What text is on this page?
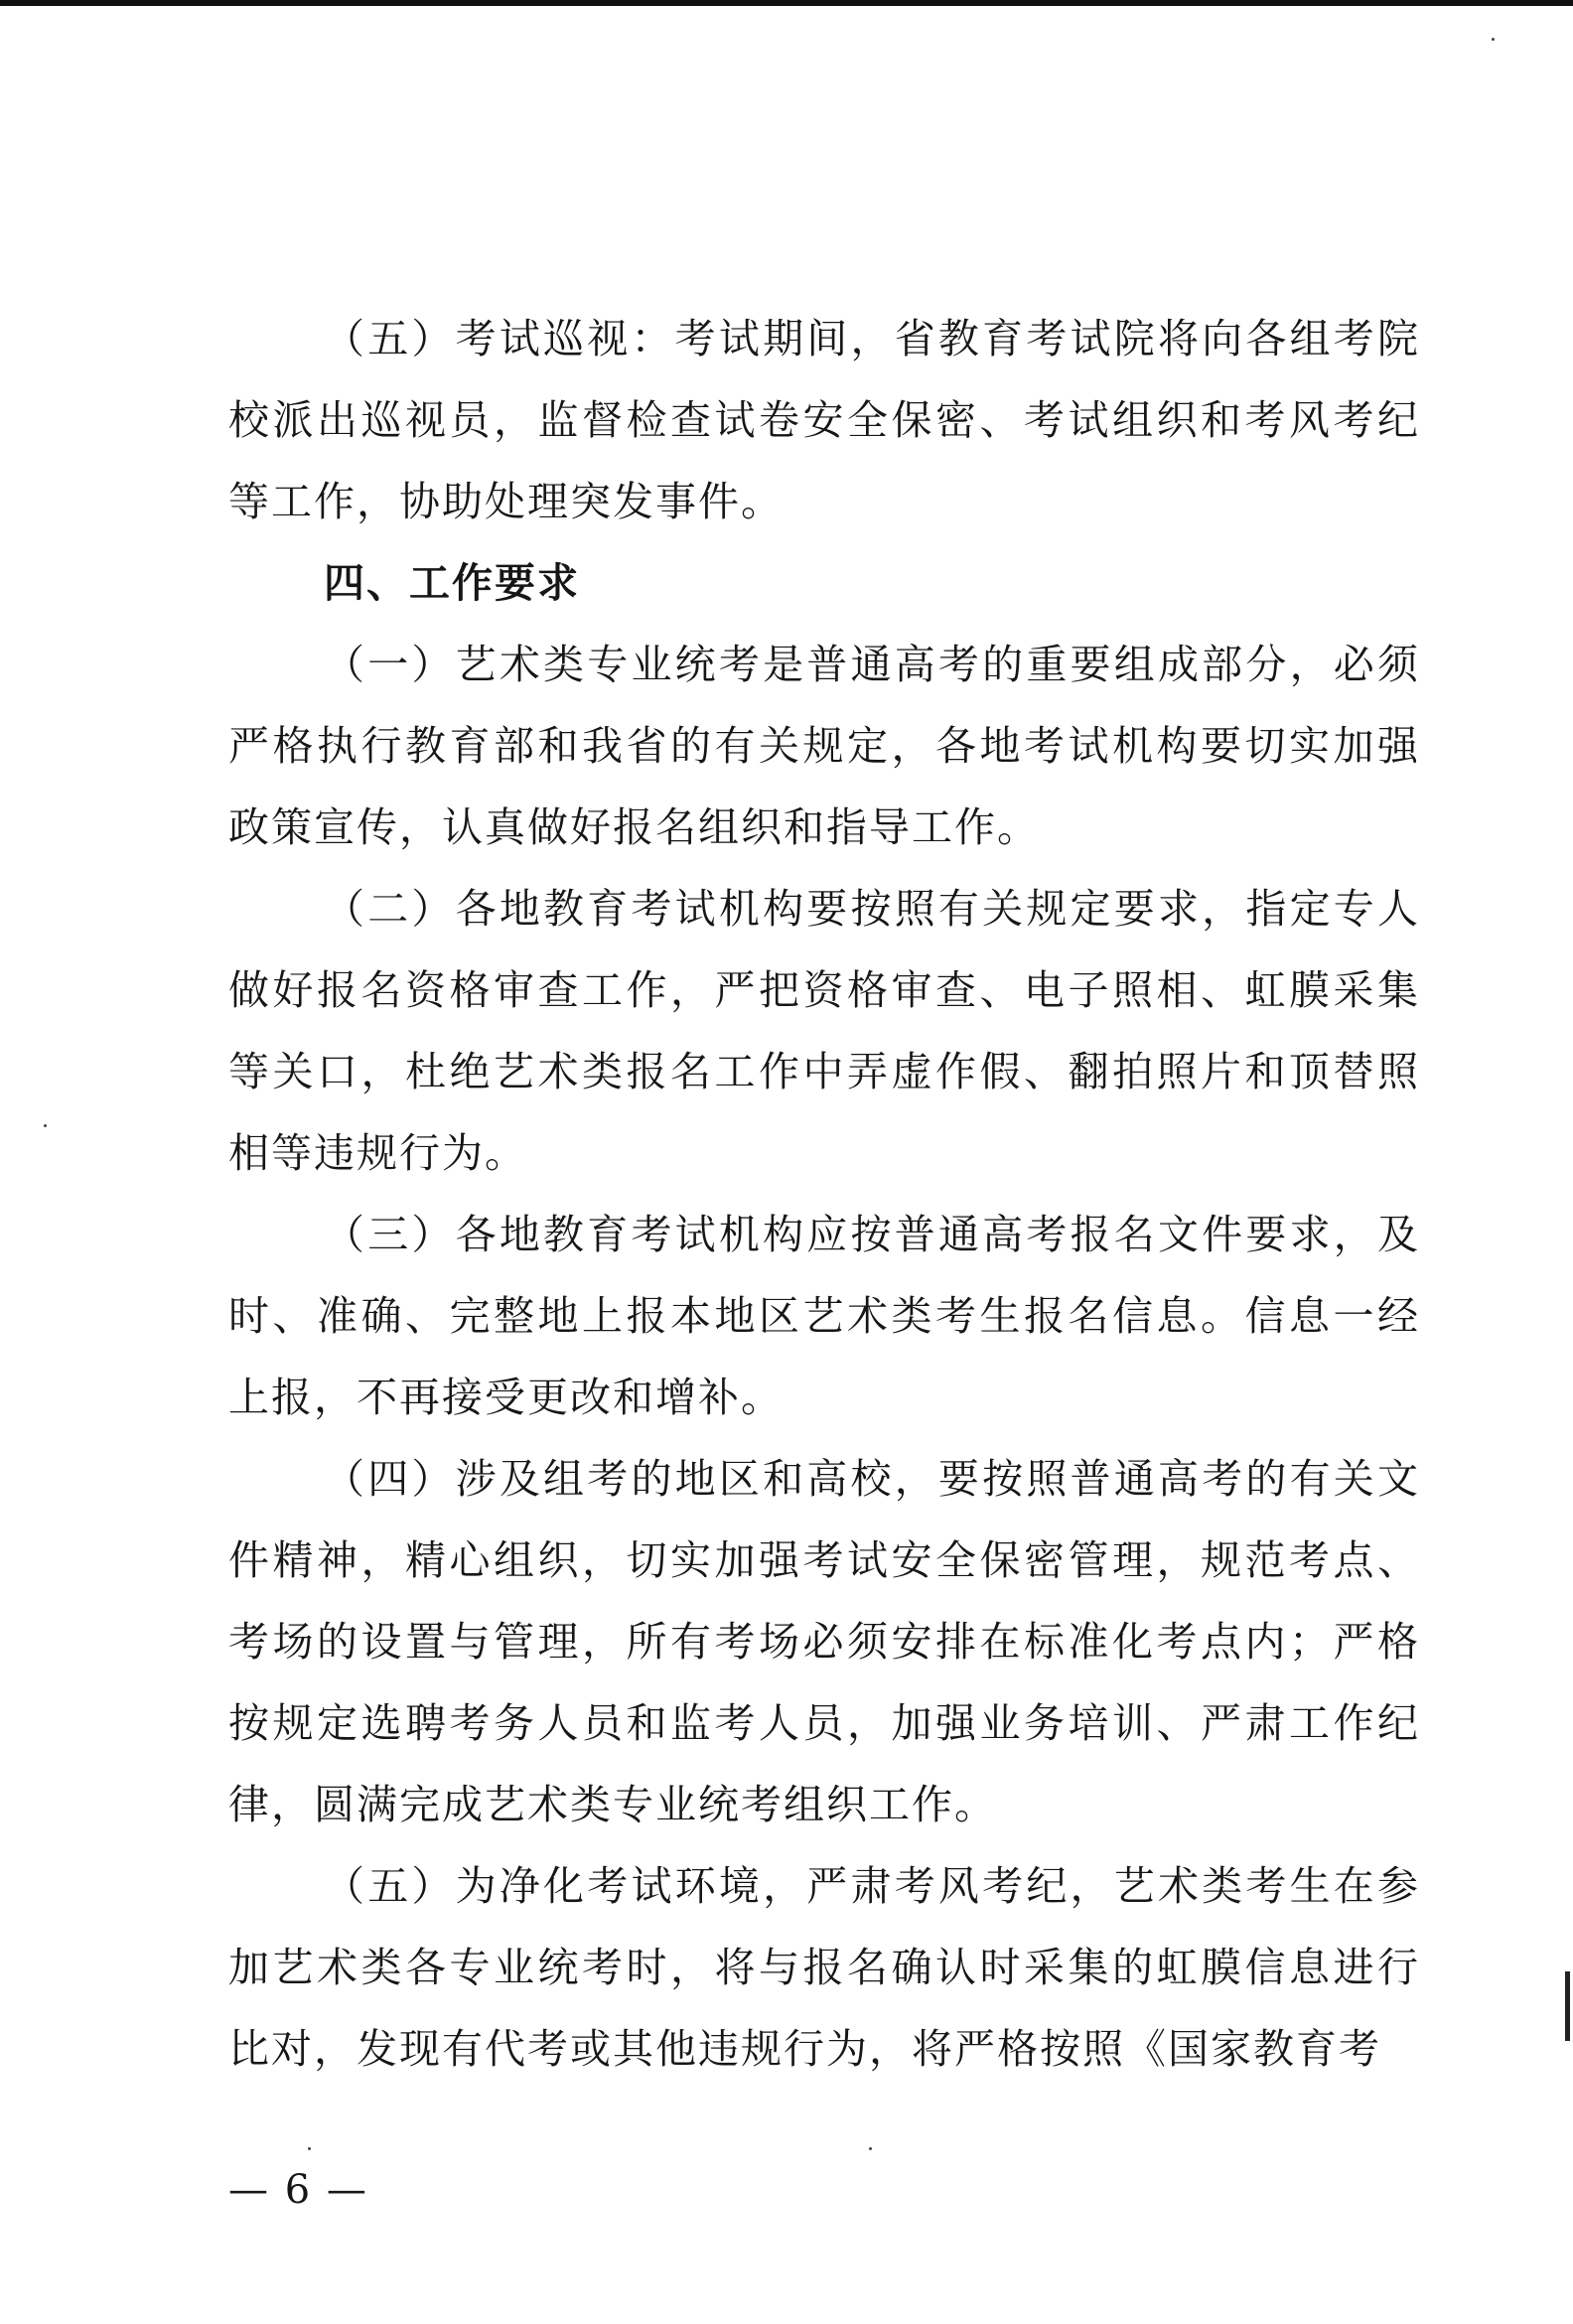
（五）考试巡视：考试期间，省教育考试院将向各组考院校派出巡视员，监督检查试卷安全保密、考试组织和考风考纪等工作，协助处理突发事件。

四、工作要求

（一）艺术类专业统考是普通高考的重要组成部分，必须严格执行教育部和我省的有关规定，各地考试机构要切实加强政策宣传，认真做好报名组织和指导工作。

（二）各地教育考试机构要按照有关规定要求，指定专人做好报名资格审查工作，严把资格审查、电子照相、虹膜采集等关口，杜绝艺术类报名工作中弄虚作假、翻拍照片和顶替照相等违规行为。

（三）各地教育考试机构应按普通高考报名文件要求，及时、准确、完整地上报本地区艺术类考生报名信息。信息一经上报，不再接受更改和增补。

（四）涉及组考的地区和高校，要按照普通高考的有关文件精神，精心组织，切实加强考试安全保密管理，规范考点、考场的设置与管理，所有考场必须安排在标准化考点内；严格按规定选聘考务人员和监考人员，加强业务培训、严肃工作纪律，圆满完成艺术类专业统考组织工作。

（五）为净化考试环境，严肃考风考纪，艺术类考生在参加艺术类各专业统考时，将与报名确认时采集的虹膜信息进行比对，发现有代考或其他违规行为，将严格按照《国家教育考

— 6 —
